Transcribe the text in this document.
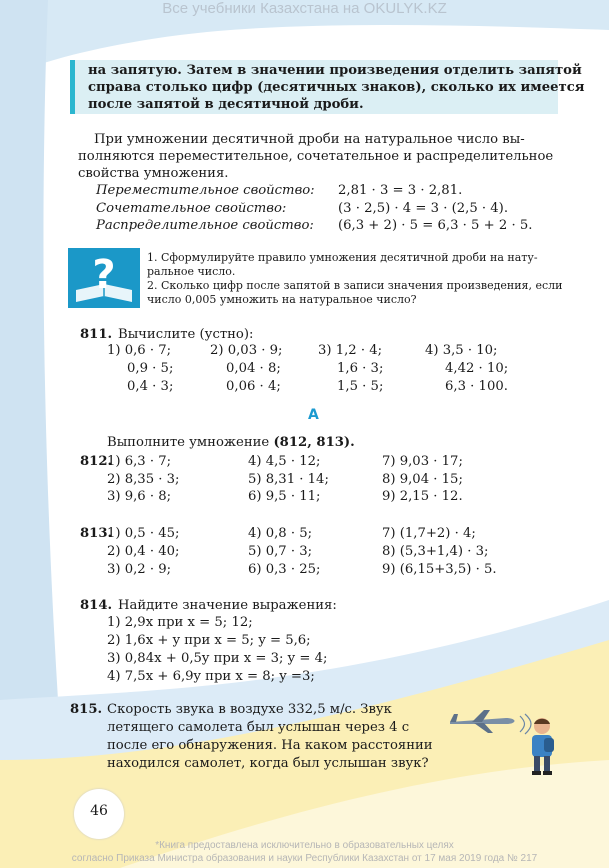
Все учебники Казахстана на OKULYK.KZ
на запятую. Затем в значении произведения отделить запятой
справа столько цифр (десятичных знаков), сколько их имеется
после запятой в десятичной дроби.
При умножении десятичной дроби на натуральное число вы-
полняются переместительное, сочетательное и распределительное
свойства умножения.
Переместительное свойство: 2,81 · 3 = 3 · 2,81.
Сочетательное свойство:	(3 · 2,5) · 4 = 3 · (2,5 · 4).
Распределительное свойство: (6,3 + 2) · 5 = 6,3 · 5 + 2 · 5.
?	1. Сформулируйте правило умножения десятичной дроби на нату-
ральное число.
2. Сколько цифр после запятой в записи значения произведения, если
число 0,005 умножить на натуральное число?
811. Вычислите (устно):
1) 0,6 · 7;	2) 0,03 · 9;	3) 1,2 · 4;	4) 3,5 · 10;
0,9 · 5;	0,04 · 8;	1,6 · 3;	4,42 · 10;
0,4 · 3;	0,06 · 4;	1,5 · 5;	6,3 · 100.
A
Выполните умножение (812, 813).
812.
1) 6,3 · 7;	4) 4,5 · 12;	7) 9,03 · 17;
2) 8,35 · 3;	5) 8,31 · 14;	8) 9,04 · 15;
3) 9,6 · 8;	6) 9,5 · 11;	9) 2,15 · 12.
813.
1) 0,5 · 45;	4) 0,8 · 5;	7) (1,7+2) · 4;
2) 0,4 · 40;	5) 0,7 · 3;	8) (5,3+1,4) · 3;
3) 0,2 · 9;	6) 0,3 · 25;	9) (6,15+3,5) · 5.
814. Найдите значение выражения:
1) 2,9x при x = 5; 12;
2) 1,6x + y при x = 5; y = 5,6;
3) 0,84x + 0,5y при x = 3; y = 4;
4) 7,5x + 6,9y при x = 8; y =3;
815. Скорость звука в воздухе 332,5 м/с. Звук
летящего самолета был услышан через 4 с
после его обнаружения. На каком расстоянии
находился самолет, когда был услышан звук?
46
*Книга предоставлена исключительно в образовательных целях
согласно Приказа Министра образования и науки Республики Казахстан от 17 мая 2019 года № 217
